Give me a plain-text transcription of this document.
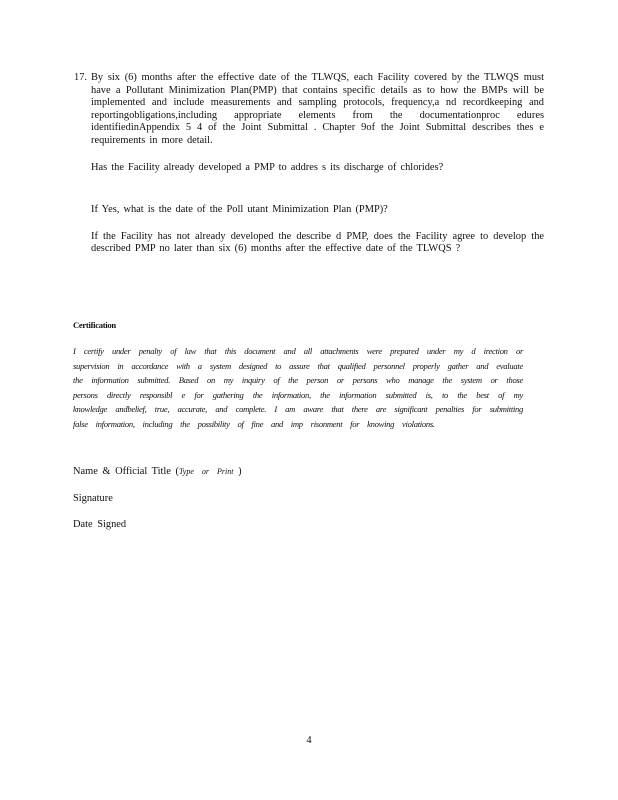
17. By six (6) months after the effective date of the TLWQS, each Facility covered by the TLWQS must have a Pollutant Minimization Plan(PMP) that contains specific details as to how the BMPs will be implemented and include measurements and sampling protocols, frequency,a nd recordkeeping and reportingobligations,including appropriate elements from the documentationproc edures identifiedinAppendix 5 4 of the Joint Submittal . Chapter 9of the Joint Submittal describes thes e requirements in more detail.

Has the Facility already developed a PMP to addres s its discharge of chlorides?

If Yes, what is the date of the Poll utant Minimization Plan (PMP)?

If the Facility has not already developed the describe d PMP, does the Facility agree to develop the described PMP no later than six (6) months after the effective date of the TLWQS ?

Certification
I certify under penalty of law that this document and all attachments were prepared under my d irection or supervision in accordance with a system designed to assure that qualified personnel properly gather and evaluate the information submitted. Based on my inquiry of the person or persons who manage the system or those persons directly responsibl e for gathering the information, the information submitted is, to the best of my knowledge andbelief, true, accurate, and complete. I am aware that there are significant penalties for submitting false information, including the possibility of fine and imp risonment for knowing violations.
Name & Official Title (Type or Print )
Signature
Date Signed
4
